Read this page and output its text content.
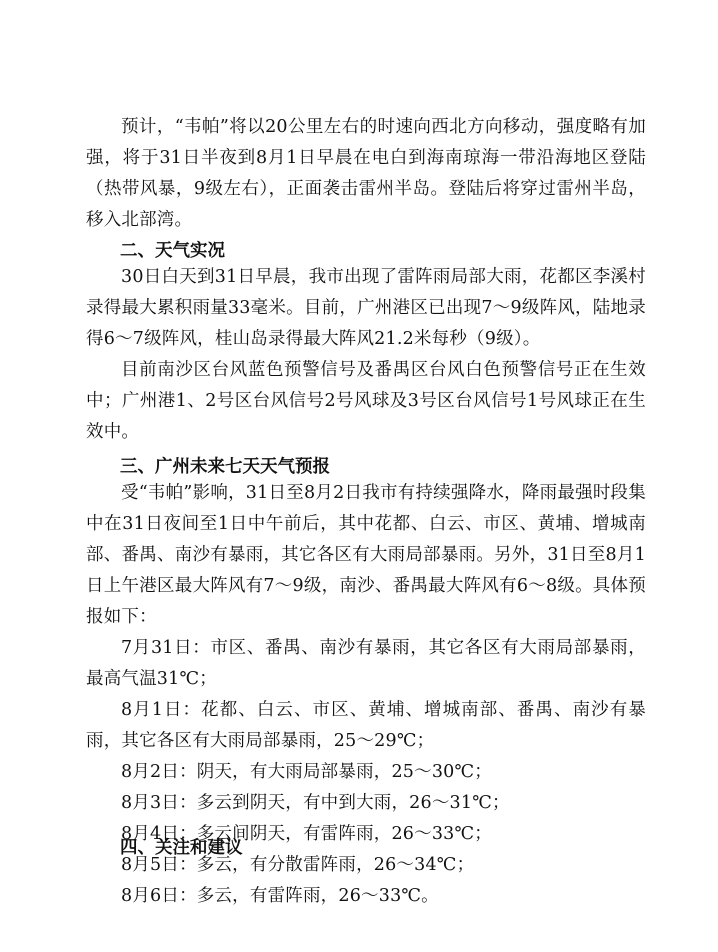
预计，“韦帕”将以20公里左右的时速向西北方向移动，强度略有加强，将于31日半夜到8月1日早晨在电白到海南琼海一带沿海地区登陆（热带风暴，9级左右），正面袭击雷州半岛。登陆后将穿过雷州半岛，移入北部湾。

二、天气实况

30日白天到31日早晨，我市出现了雷阵雨局部大雨，花都区李溪村录得最大累积雨量33毫米。目前，广州港区已出现7～9级阵风，陆地录得6～7级阵风，桂山岛录得最大阵风21.2米每秒（9级）。

目前南沙区台风蓝色预警信号及番禺区台风白色预警信号正在生效中；广州港1、2号区台风信号2号风球及3号区台风信号1号风球正在生效中。

三、广州未来七天天气预报

受“韦帕”影响，31日至8月2日我市有持续强降水，降雨最强时段集中在31日夜间至1日中午前后，其中花都、白云、市区、黄埔、增城南部、番禺、南沙有暴雨，其它各区有大雨局部暴雨。另外，31日至8月1日上午港区最大阵风有7～9级，南沙、番禺最大阵风有6～8级。具体预报如下：

7月31日：市区、番禺、南沙有暴雨，其它各区有大雨局部暴雨，最高气温31℃；

8月1日：花都、白云、市区、黄埔、增城南部、番禺、南沙有暴雨，其它各区有大雨局部暴雨，25～29℃；

8月2日：阴天，有大雨局部暴雨，25～30℃；

8月3日：多云到阴天，有中到大雨，26～31℃；

8月4日：多云间阴天，有雷阵雨，26～33℃；

8月5日：多云，有分散雷阵雨，26～34℃；

8月6日：多云，有雷阵雨，26～33℃。

四、关注和建议
